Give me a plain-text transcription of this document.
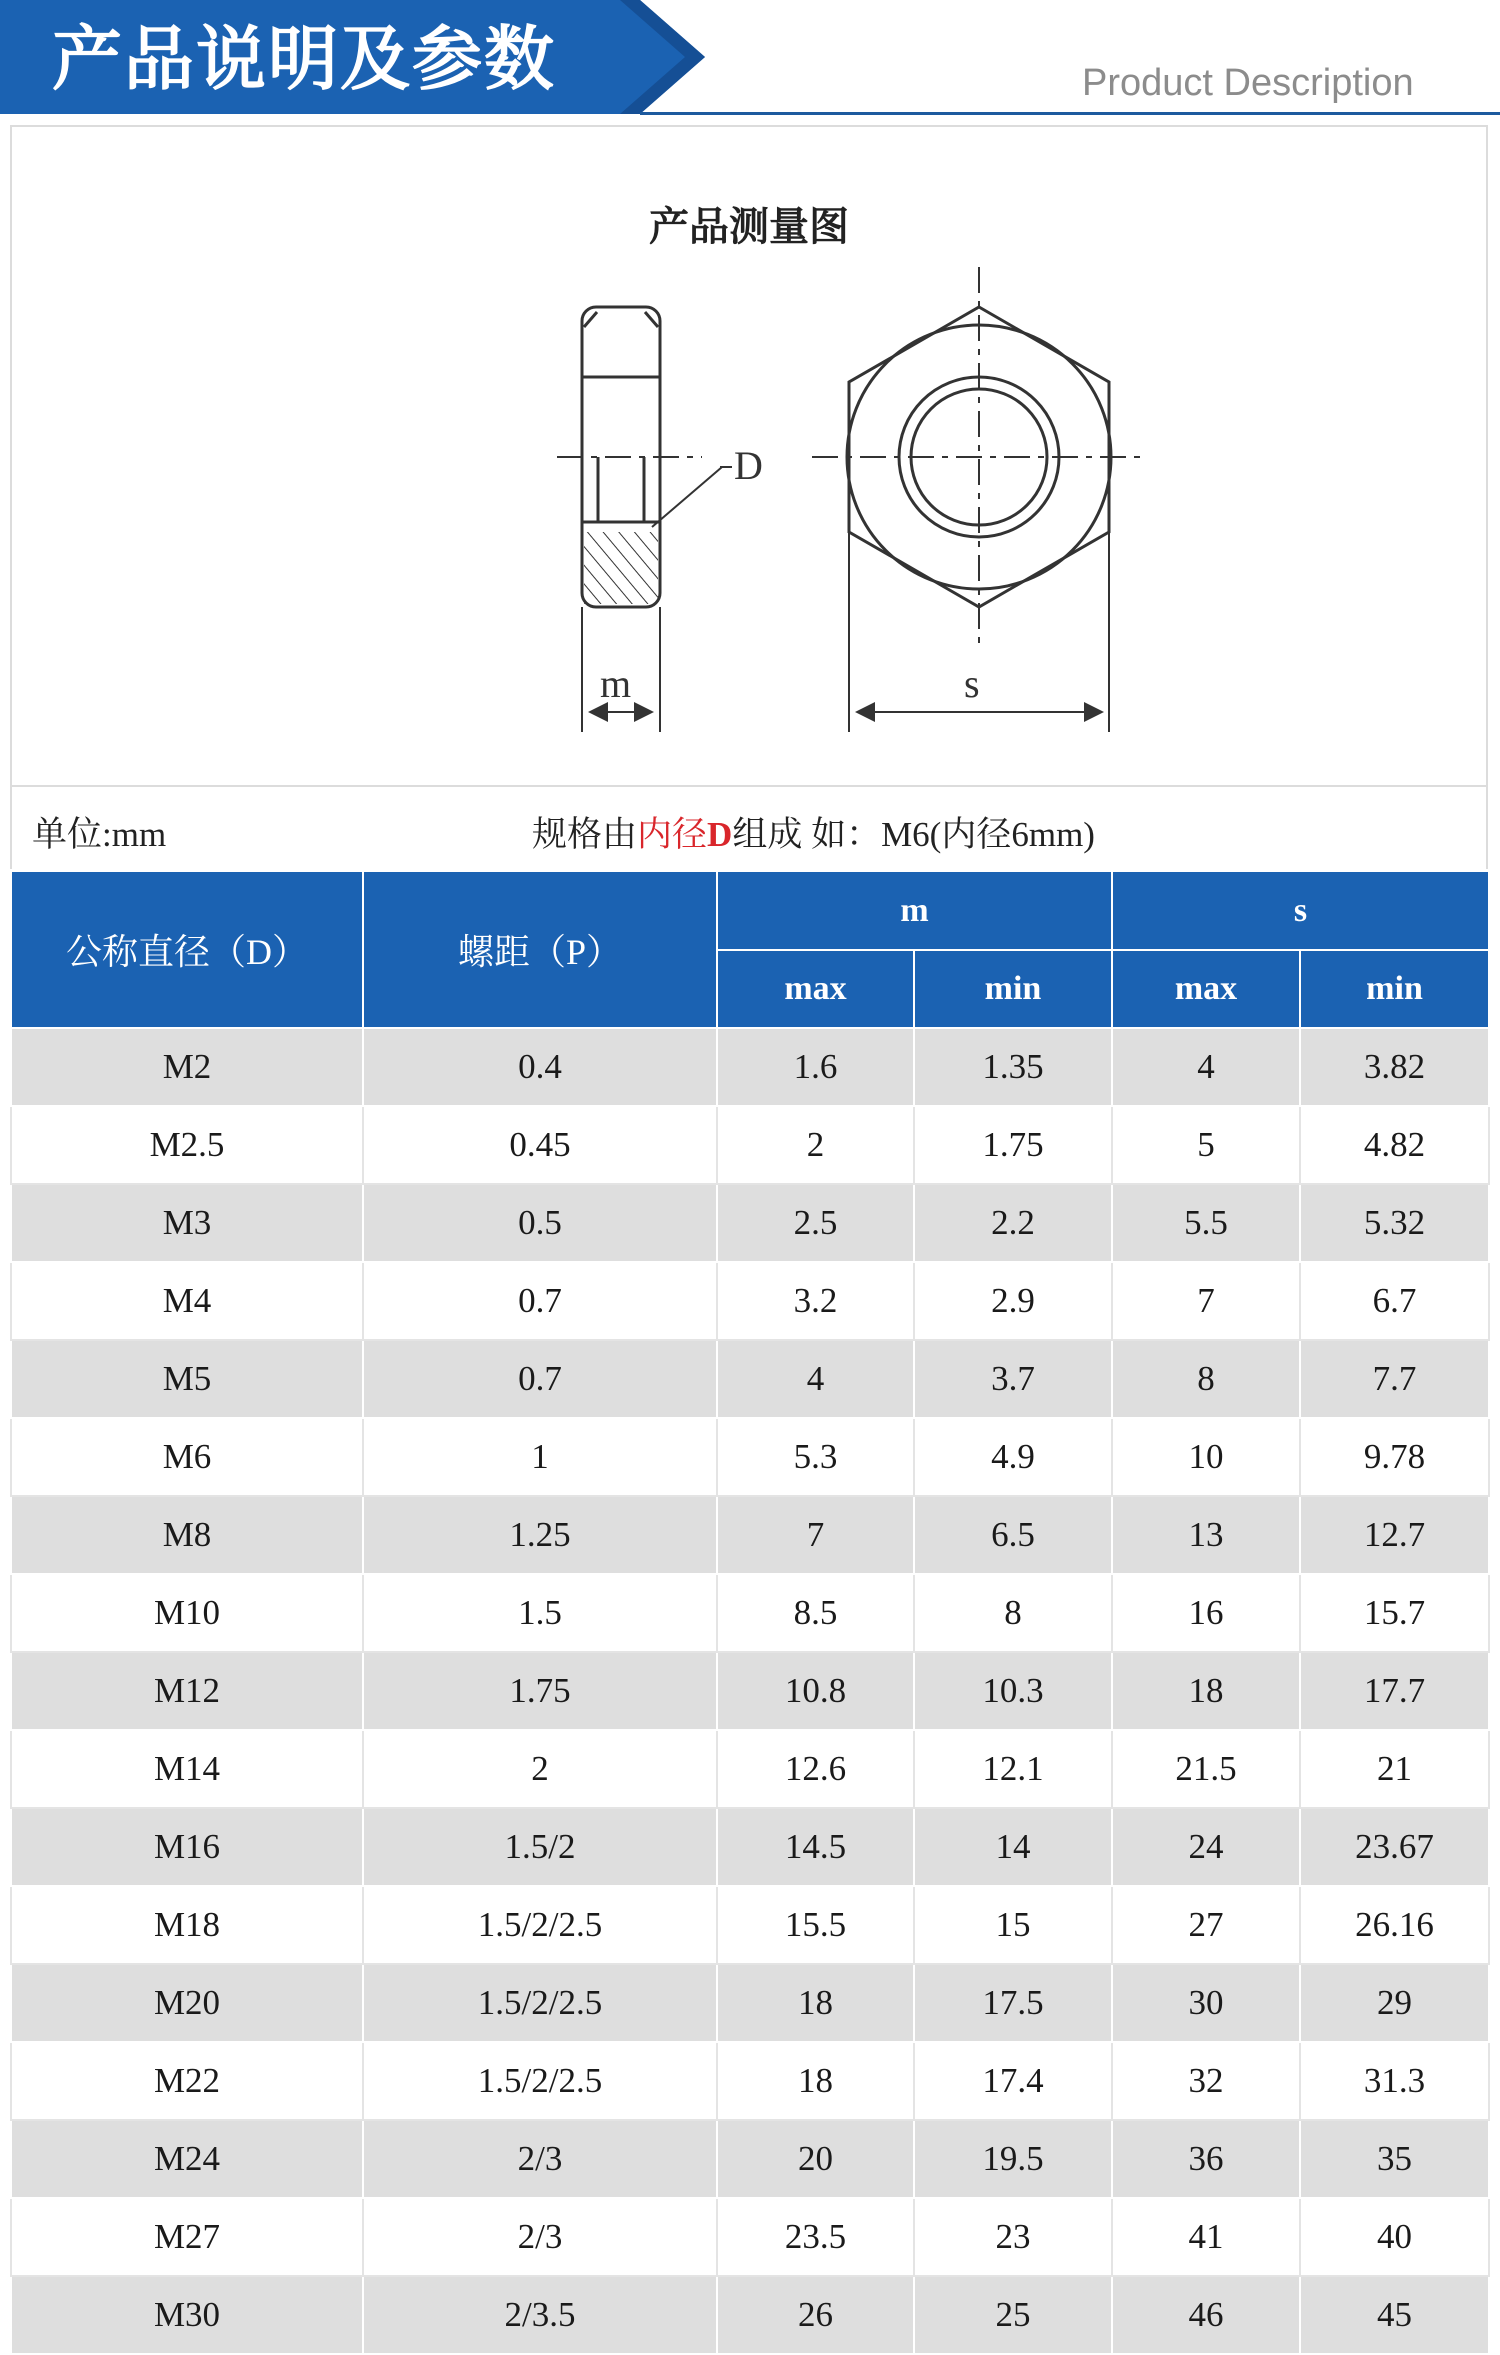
产品说明及参数	Product Description
产品测量图
D
m	s
单位:mm	规格由内径D组成 如：M6(内径6mm)
公称直径（D）	螺距（P）	m		s	
		max	min	max	min
M2	0.4	1.6	1.35	4	3.82
M2.5	0.45	2	1.75	5	4.82
M3	0.5	2.5	2.2	5.5	5.32
M4	0.7	3.2	2.9	7	6.7
M5	0.7	4	3.7	8	7.7
M6	1	5.3	4.9	10	9.78
M8	1.25	7	6.5	13	12.7
M10	1.5	8.5	8	16	15.7
M12	1.75	10.8	10.3	18	17.7
M14	2	12.6	12.1	21.5	21
M16	1.5/2	14.5	14	24	23.67
M18	1.5/2/2.5	15.5	15	27	26.16
M20	1.5/2/2.5	18	17.5	30	29
M22	1.5/2/2.5	18	17.4	32	31.3
M24	2/3	20	19.5	36	35
M27	2/3	23.5	23	41	40
M30	2/3.5	26	25	46	45
